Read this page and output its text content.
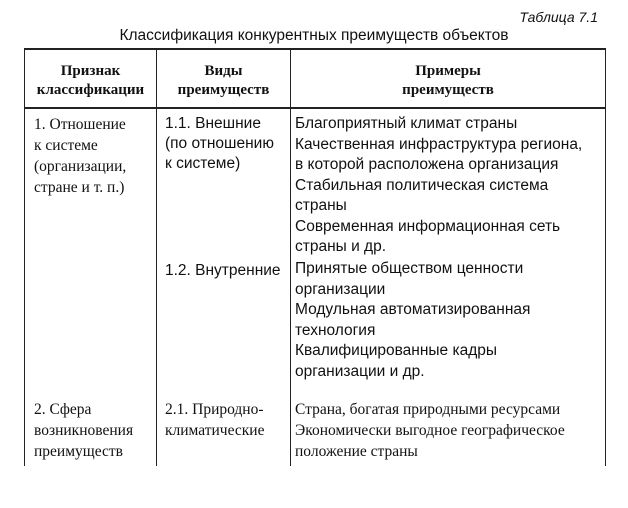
Таблица 7.1
Классификация конкурентных преимуществ объектов
Признак
классификации
Виды
преимуществ
Примеры
преимуществ
1. Отношение
к системе
(организации,
стране и т. п.)
1.1. Внешние
(по отношению
к системе)
Благоприятный климат страны
Качественная инфраструктура региона,
в которой расположена организация
Стабильная политическая система
страны
Современная информационная сеть
страны и др.
1.2. Внутренние Принятые обществом ценности
организации
Модульная автоматизированная
технология
Квалифицированные кадры
организации и др.
2. Сфера
возникновения
преимуществ
2.1. Природно-
климатические
Страна, богатая природными ресурсами
Экономически выгодное географическое
положение страны
